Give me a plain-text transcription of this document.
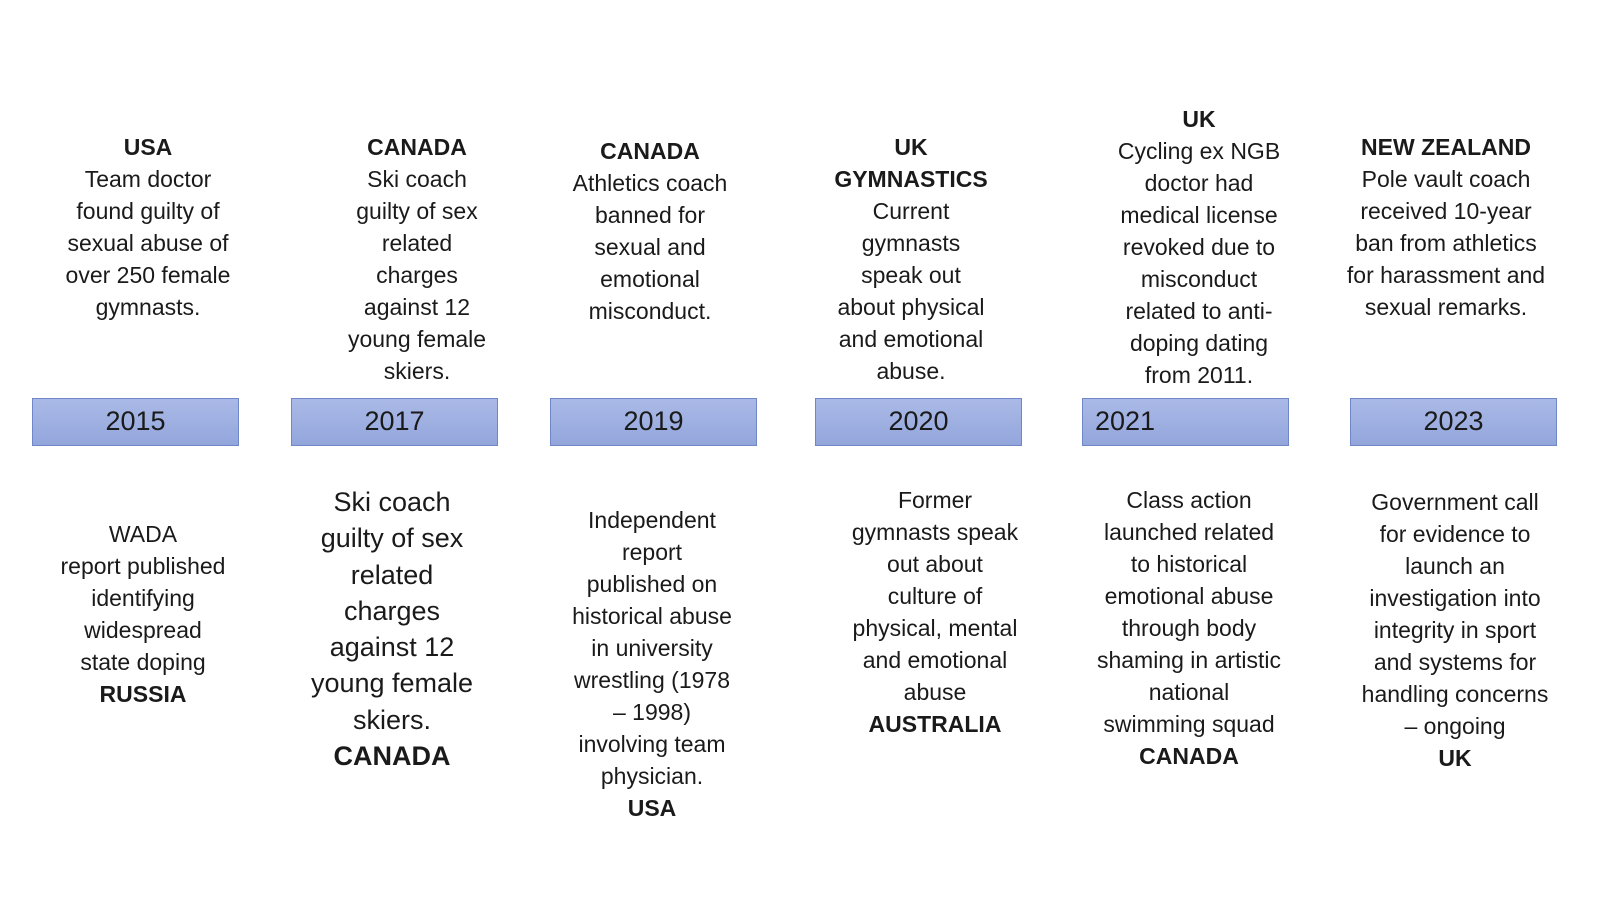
USA
Team doctor
found guilty of
sexual abuse of
over 250 female
gymnasts.
2015
WADA
report published
identifying
widespread
state doping
RUSSIA
CANADA
Ski coach
guilty of sex
related
charges
against 12
young female
skiers.
2017
Ski coach
guilty of sex
related
charges
against 12
young female
skiers.
CANADA
CANADA
Athletics coach
banned for
sexual and
emotional
misconduct.
2019
Independent
report
published on
historical abuse
in university
wrestling (1978
– 1998)
involving team
physician.
USA
UK
GYMNASTICS
Current
gymnasts
speak out
about physical
and emotional
abuse.
2020
Former
gymnasts speak
out about
culture of
physical, mental
and emotional
abuse
AUSTRALIA
UK
Cycling ex NGB
doctor had
medical license
revoked due to
misconduct
related to anti-
doping dating
from 2011.
2021
Class action
launched related
to historical
emotional abuse
through body
shaming in artistic
national
swimming squad
CANADA
NEW ZEALAND
Pole vault coach
received 10-year
ban from athletics
for harassment and
sexual remarks.
2023
Government call
for evidence to
launch an
investigation into
integrity in sport
and systems for
handling concerns
– ongoing
UK
